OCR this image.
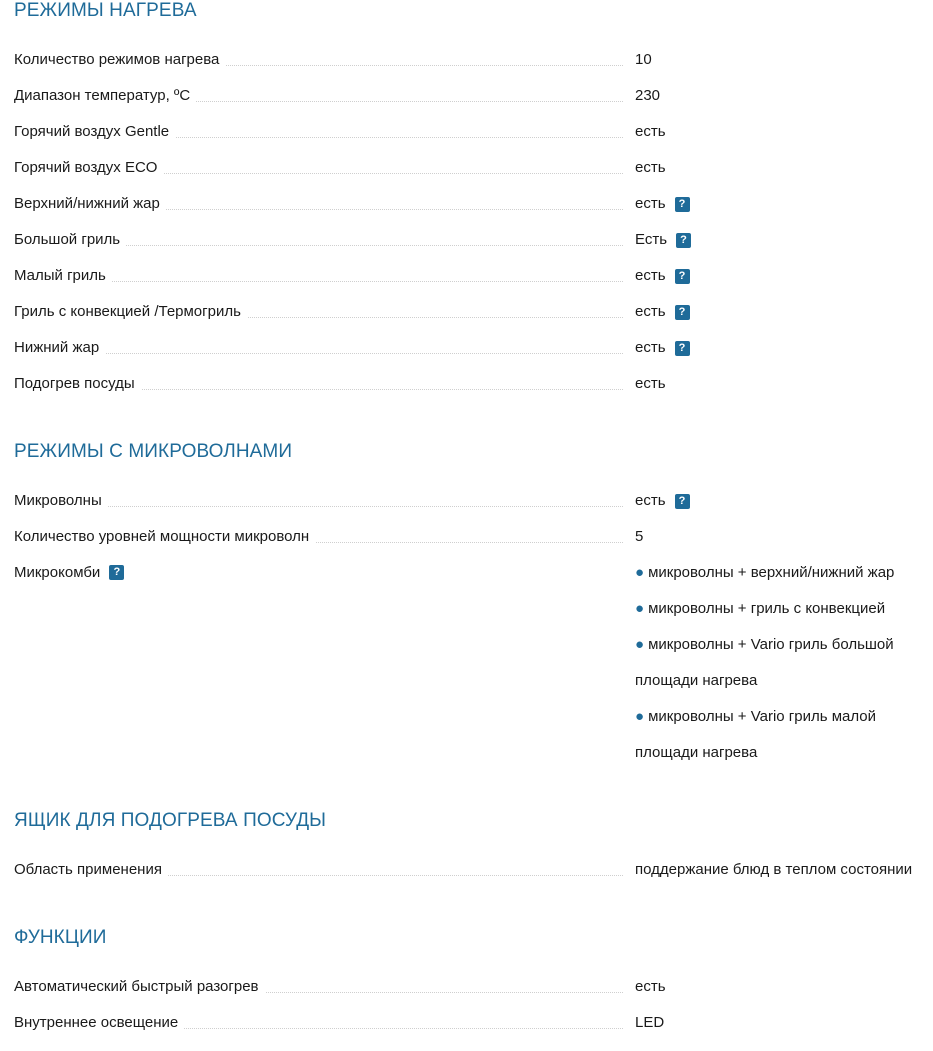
РЕЖИМЫ НАГРЕВА
Количество режимов нагрева	10
Диапазон температур, ºС	230
Горячий воздух Gentle	есть
Горячий воздух ECO	есть
Верхний/нижний жар	есть	?
Большой гриль	Есть	?
Малый гриль	есть	?
Гриль с конвекцией /Термогриль	есть	?
Нижний жар	есть	?
Подогрев посуды	есть
РЕЖИМЫ С МИКРОВОЛНАМИ
Микроволны	есть	?
Количество уровней мощности микроволн	5
Микрокомби	?	● микроволны + верхний/нижний жар
● микроволны + гриль с конвекцией
● микроволны + Vario гриль большой
площади нагрева
● микроволны + Vario гриль малой
площади нагрева
ЯЩИК ДЛЯ ПОДОГРЕВА ПОСУДЫ
Область применения	поддержание блюд в теплом состоянии
ФУНКЦИИ
Автоматический быстрый разогрев	есть
Внутреннее освещение	LED
